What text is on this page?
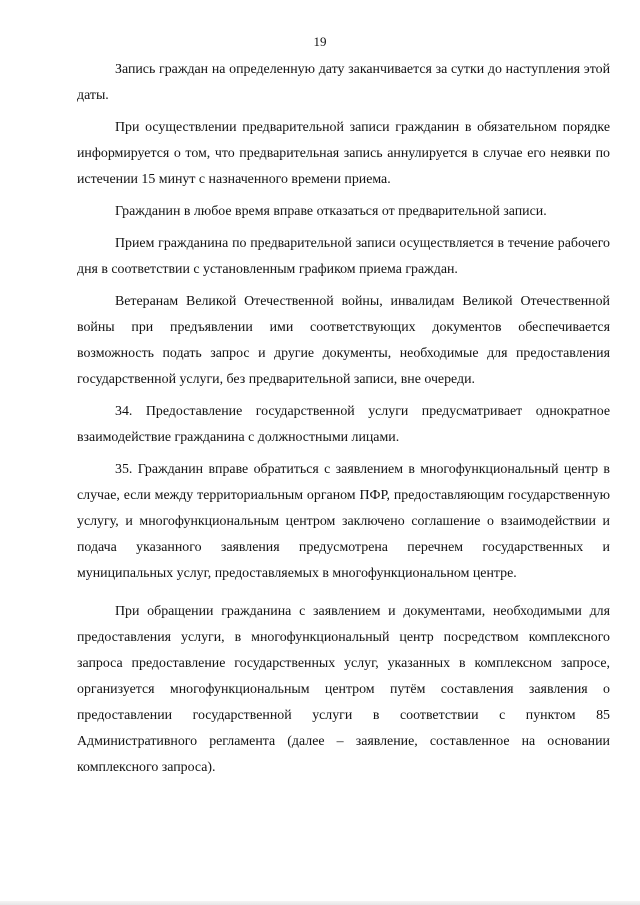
19

Запись граждан на определенную дату заканчивается за сутки до наступления этой даты.

При осуществлении предварительной записи гражданин в обязательном порядке информируется о том, что предварительная запись аннулируется в случае его неявки по истечении 15 минут с назначенного времени приема.

Гражданин в любое время вправе отказаться от предварительной записи.

Прием гражданина по предварительной записи осуществляется в течение рабочего дня в соответствии с установленным графиком приема граждан.

Ветеранам Великой Отечественной войны, инвалидам Великой Отечественной войны при предъявлении ими соответствующих документов обеспечивается возможность подать запрос и другие документы, необходимые для предоставления государственной услуги, без предварительной записи, вне очереди.

34. Предоставление государственной услуги предусматривает однократное взаимодействие гражданина с должностными лицами.

35. Гражданин вправе обратиться с заявлением в многофункциональный центр в случае, если между территориальным органом ПФР, предоставляющим государственную услугу, и многофункциональным центром заключено соглашение о взаимодействии и подача указанного заявления предусмотрена перечнем государственных и муниципальных услуг, предоставляемых в многофункциональном центре.

При обращении гражданина с заявлением и документами, необходимыми для предоставления услуги, в многофункциональный центр посредством комплексного запроса предоставление государственных услуг, указанных в комплексном запросе, организуется многофункциональным центром путём составления заявления о предоставлении государственной услуги в соответствии с пунктом 85 Административного регламента (далее – заявление, составленное на основании комплексного запроса).
